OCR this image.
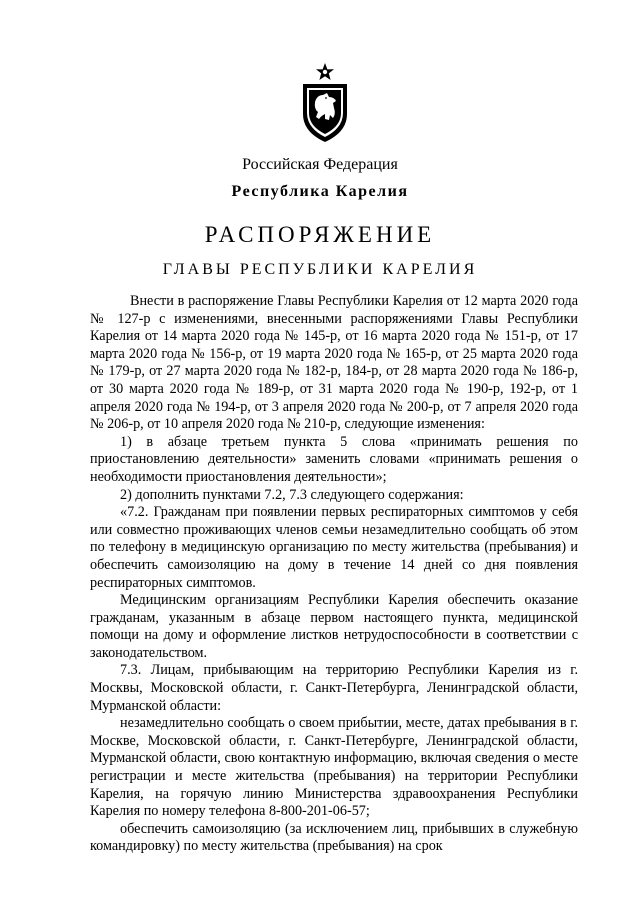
Российская Федерация
Республика Карелия
РАСПОРЯЖЕНИЕ
ГЛАВЫ РЕСПУБЛИКИ КАРЕЛИЯ

Внести в распоряжение Главы Республики Карелия от 12 марта 2020 года № 127-р с изменениями, внесенными распоряжениями Главы Республики Карелия от 14 марта 2020 года № 145-р, от 16 марта 2020 года № 151-р, от 17 марта 2020 года № 156-р, от 19 марта 2020 года № 165-р, от 25 марта 2020 года № 179-р, от 27 марта 2020 года № 182-р, 184-р, от 28 марта 2020 года № 186-р, от 30 марта 2020 года № 189-р, от 31 марта 2020 года № 190-р, 192-р, от 1 апреля 2020 года № 194-р, от 3 апреля 2020 года № 200-р, от 7 апреля 2020 года № 206-р, от 10 апреля 2020 года № 210-р, следующие изменения:

1) в абзаце третьем пункта 5 слова «принимать решения по приостановлению деятельности» заменить словами «принимать решения о необходимости приостановления деятельности»;

2) дополнить пунктами 7.2, 7.3 следующего содержания:

«7.2. Гражданам при появлении первых респираторных симптомов у себя или совместно проживающих членов семьи незамедлительно сообщать об этом по телефону в медицинскую организацию по месту жительства (пребывания) и обеспечить самоизоляцию на дому в течение 14 дней со дня появления респираторных симптомов.

Медицинским организациям Республики Карелия обеспечить оказание гражданам, указанным в абзаце первом настоящего пункта, медицинской помощи на дому и оформление листков нетрудоспособности в соответствии с законодательством.

7.3. Лицам, прибывающим на территорию Республики Карелия из г. Москвы, Московской области, г. Санкт-Петербурга, Ленинградской области, Мурманской области:

незамедлительно сообщать о своем прибытии, месте, датах пребывания в г. Москве, Московской области, г. Санкт-Петербурге, Ленинградской области, Мурманской области, свою контактную информацию, включая сведения о месте регистрации и месте жительства (пребывания) на территории Республики Карелия, на горячую линию Министерства здравоохранения Республики Карелия по номеру телефона 8-800-201-06-57;

обеспечить самоизоляцию (за исключением лиц, прибывших в служебную командировку) по месту жительства (пребывания) на срок
